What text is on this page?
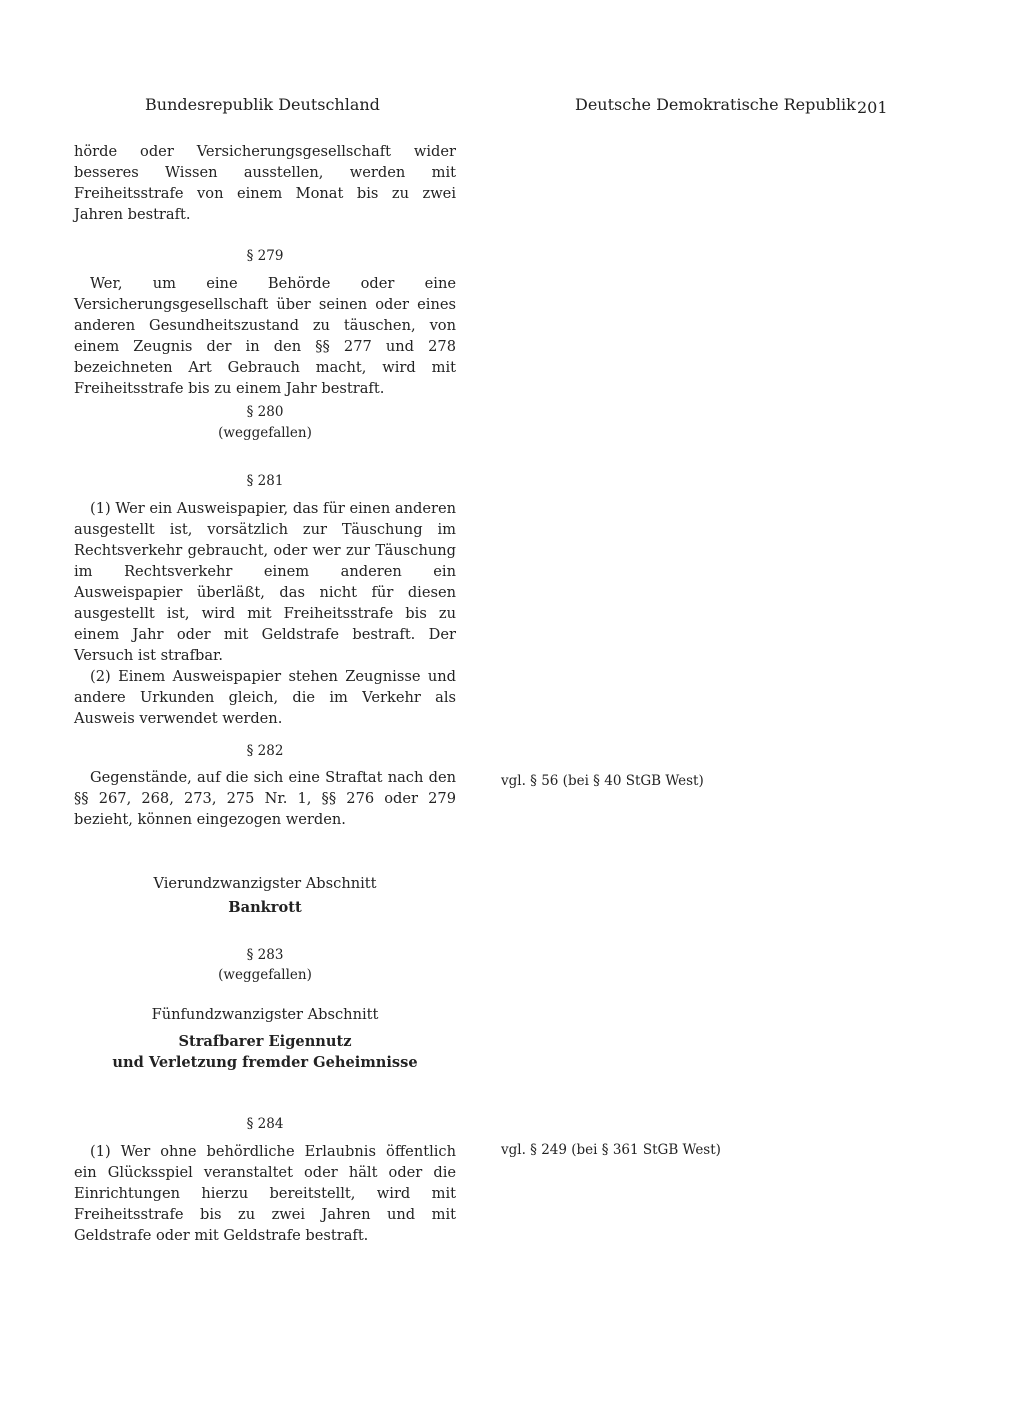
Bundesrepublik Deutschland	Deutsche Demokratische Republik 201

hörde oder Versicherungsgesellschaft wider besseres Wissen ausstellen, werden mit Freiheitsstrafe von einem Monat bis zu zwei Jahren bestraft.

§ 279

Wer, um eine Behörde oder eine Versicherungsgesellschaft über seinen oder eines anderen Gesundheitszustand zu täuschen, von einem Zeugnis der in den §§ 277 und 278 bezeichneten Art Gebrauch macht, wird mit Freiheitsstrafe bis zu einem Jahr bestraft.

§ 280
(weggefallen)
§ 281

(1) Wer ein Ausweispapier, das für einen anderen ausgestellt ist, vorsätzlich zur Täuschung im Rechtsverkehr gebraucht, oder wer zur Täuschung im Rechtsverkehr einem anderen ein Ausweispapier überläßt, das nicht für diesen ausgestellt ist, wird mit Freiheitsstrafe bis zu einem Jahr oder mit Geldstrafe bestraft. Der Versuch ist strafbar.

(2) Einem Ausweispapier stehen Zeugnisse und andere Urkunden gleich, die im Verkehr als Ausweis verwendet werden.

§ 282

Gegenstände, auf die sich eine Straftat nach den §§ 267, 268, 273, 275 Nr. 1, §§ 276 oder 279 bezieht, können eingezogen werden.

Vierundzwanzigster Abschnitt
Bankrott
§ 283
(weggefallen)
Fünfundzwanzigster Abschnitt
Strafbarer Eigennutz
und Verletzung fremder Geheimnisse
§ 284

(1) Wer ohne behördliche Erlaubnis öffentlich ein Glücksspiel veranstaltet oder hält oder die Einrichtungen hierzu bereitstellt, wird mit Freiheitsstrafe bis zu zwei Jahren und mit Geldstrafe oder mit Geldstrafe bestraft.

vgl. § 56 (bei § 40 StGB West)
vgl. § 249 (bei § 361 StGB West)
